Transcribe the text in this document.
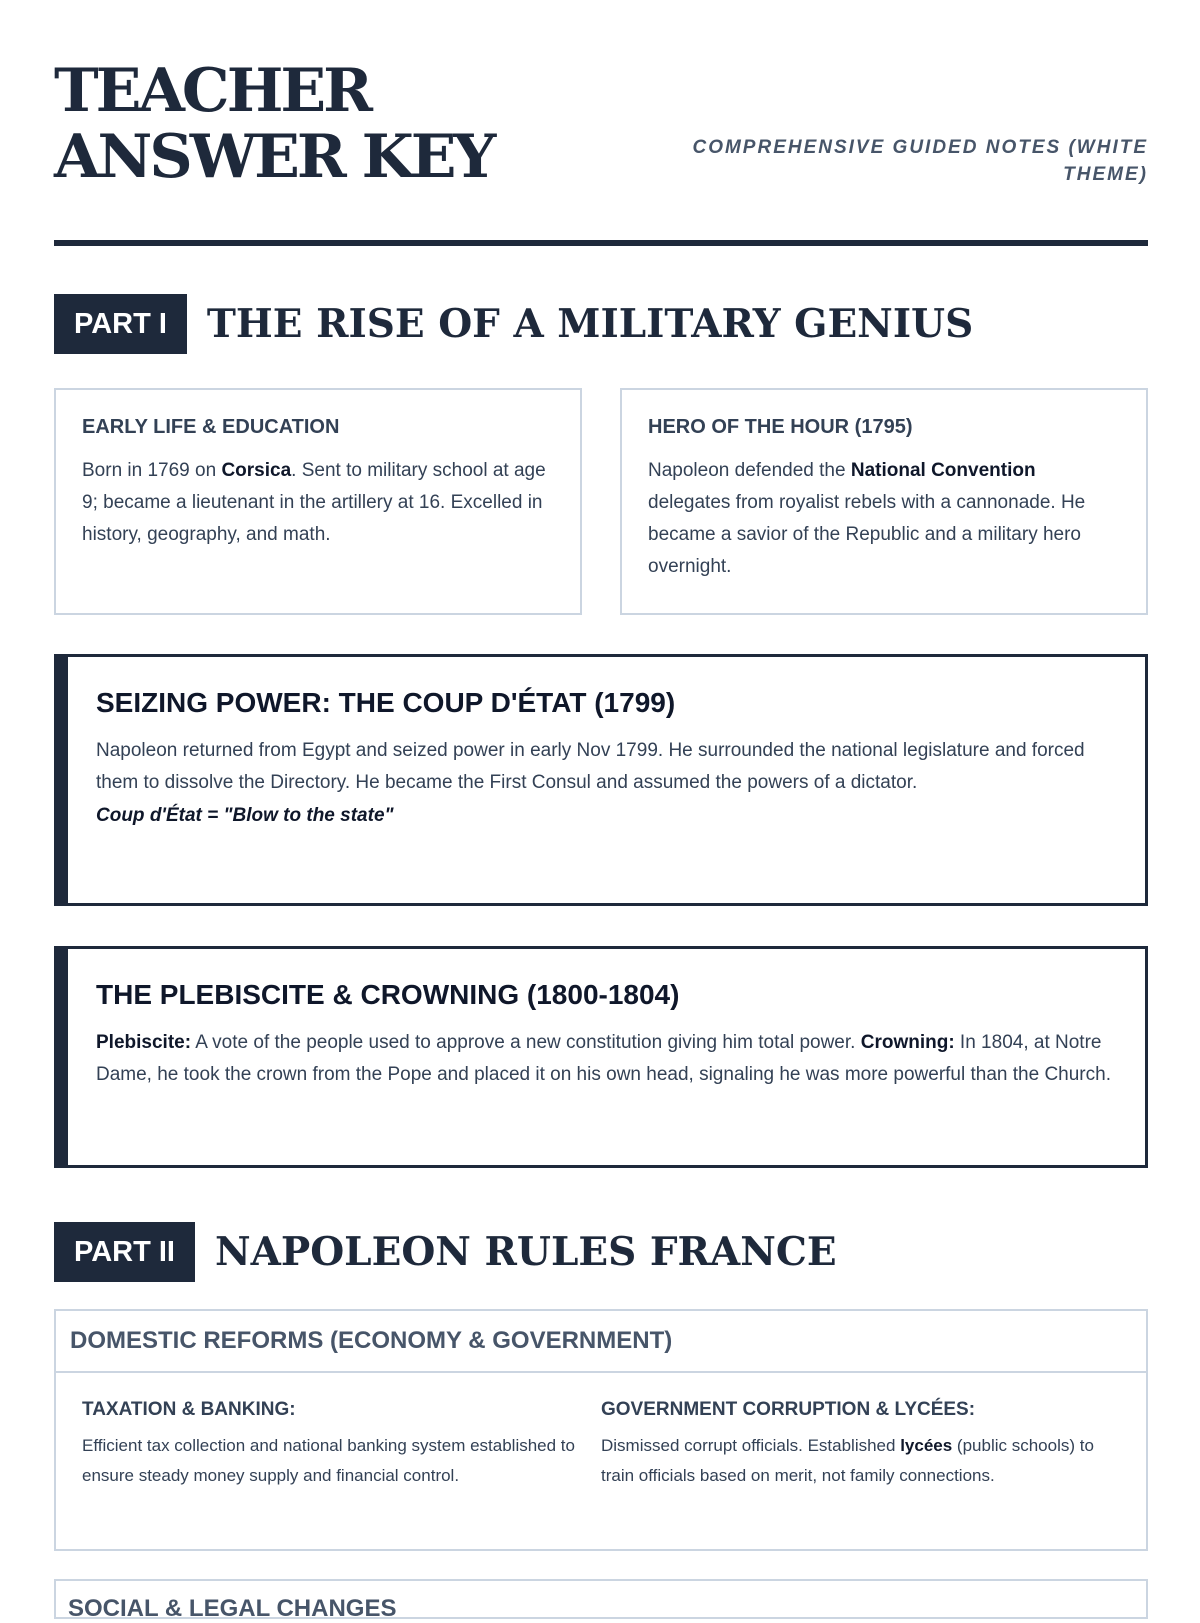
TEACHER ANSWER KEY	COMPREHENSIVE GUIDED NOTES (WHITE THEME)
PART I	THE RISE OF A MILITARY GENIUS
EARLY LIFE & EDUCATION
Born in 1769 on Corsica. Sent to military school at age 9; became a lieutenant in the artillery at 16. Excelled in history, geography, and math.
HERO OF THE HOUR (1795)
Napoleon defended the National Convention delegates from royalist rebels with a cannonade. He became a savior of the Republic and a military hero overnight.
SEIZING POWER: THE COUP D'ÉTAT (1799)
Napoleon returned from Egypt and seized power in early Nov 1799. He surrounded the national legislature and forced them to dissolve the Directory. He became the First Consul and assumed the powers of a dictator.
Coup d'État = "Blow to the state"
THE PLEBISCITE & CROWNING (1800-1804)
Plebiscite: A vote of the people used to approve a new constitution giving him total power. Crowning: In 1804, at Notre Dame, he took the crown from the Pope and placed it on his own head, signaling he was more powerful than the Church.
PART II	NAPOLEON RULES FRANCE
DOMESTIC REFORMS (ECONOMY & GOVERNMENT)
TAXATION & BANKING:
Efficient tax collection and national banking system established to ensure steady money supply and financial control.
GOVERNMENT CORRUPTION & LYCÉES:
Dismissed corrupt officials. Established lycées (public schools) to train officials based on merit, not family connections.
SOCIAL & LEGAL CHANGES
